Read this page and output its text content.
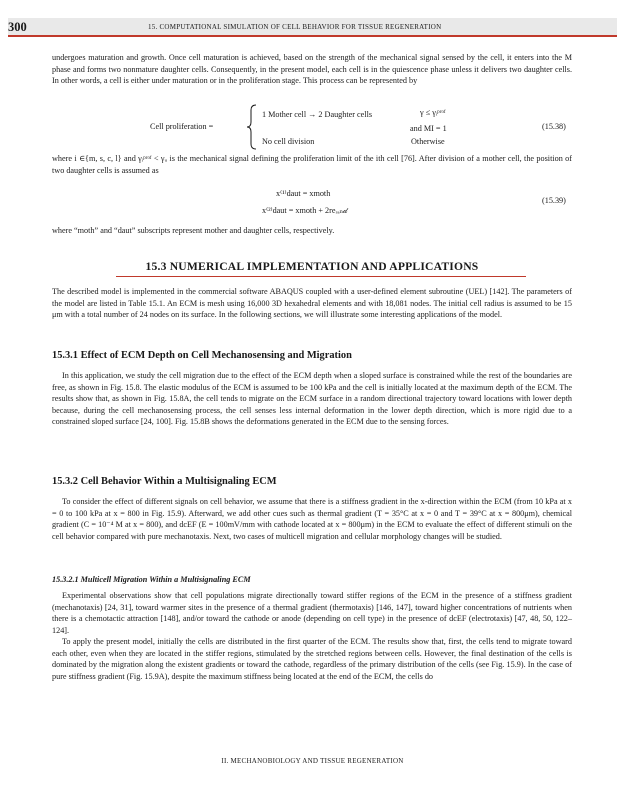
300	15. COMPUTATIONAL SIMULATION OF CELL BEHAVIOR FOR TISSUE REGENERATION

undergoes maturation and growth. Once cell maturation is achieved, based on the strength of the mechanical signal sensed by the cell, it enters into the M phase and forms two nonmature daughter cells. Consequently, in the present model, each cell is in the quiescence phase unless it delivers two daughter cells. In other words, a cell is either under maturation or in the proliferation stage. This process can be represented by

Cell proliferation =
1 Mother cell → 2 Daughter cells	γ ≤ γᵢᵖʳᵒᶠ
and MI = 1
No cell division	Otherwise
(15.38)

where i ∈{m, s, c, l} and γᵢᵖʳᵒᶠ < γᵤ is the mechanical signal defining the proliferation limit of the ith cell [76]. After division of a mother cell, the position of two daughter cells is assumed as

x⁽¹⁾daut = xmoth
x⁽²⁾daut = xmoth + 2reᵣₐₙ𝒹
(15.39)

where “moth” and “daut” subscripts represent mother and daughter cells, respectively.

15.3 NUMERICAL IMPLEMENTATION AND APPLICATIONS

The described model is implemented in the commercial software ABAQUS coupled with a user-defined element subroutine (UEL) [142]. The parameters of the model are listed in Table 15.1. An ECM is mesh using 16,000 3D hexahedral elements and with 18,081 nodes. The initial cell radius is assumed to be 15 μm with a total number of 24 nodes on its surface. In the following sections, we will illustrate some interesting applications of the model.

15.3.1 Effect of ECM Depth on Cell Mechanosensing and Migration

In this application, we study the cell migration due to the effect of the ECM depth when a sloped surface is constrained while the rest of the boundaries are free, as shown in Fig. 15.8. The elastic modulus of the ECM is assumed to be 100 kPa and the cell is initially located at the maximum depth of the ECM. The results show that, as shown in Fig. 15.8A, the cell tends to migrate on the ECM surface in a random directional trajectory toward locations with lower depth because, during the cell mechanosensing process, the cell senses less internal deformation in the lower depth direction, which is more rigid due to a constrained sloped surface [24, 100]. Fig. 15.8B shows the deformations generated in the ECM due to the sensing forces.

15.3.2 Cell Behavior Within a Multisignaling ECM

To consider the effect of different signals on cell behavior, we assume that there is a stiffness gradient in the x-direction within the ECM (from 10 kPa at x = 0 to 100 kPa at x = 800 in Fig. 15.9). Afterward, we add other cues such as thermal gradient (T = 35°C at x = 0 and T = 39°C at x = 800μm), chemical gradient (C = 10⁻⁴ M at x = 800), and dcEF (E = 100mV/mm with cathode located at x = 800μm) in the ECM to evaluate the effect of different stimuli on the cell behavior compared with pure mechanotaxis. Next, two cases of multicell migration and cellular morphology changes will be studied.

15.3.2.1 Multicell Migration Within a Multisignaling ECM

Experimental observations show that cell populations migrate directionally toward stiffer regions of the ECM in the presence of a stiffness gradient (mechanotaxis) [24, 31], toward warmer sites in the presence of a thermal gradient (thermotaxis) [146, 147], toward higher concentrations of nutrients when there is a chemotactic attraction [148], and/or toward the cathode or anode (depending on cell type) in the presence of dcEF (electrotaxis) [47, 48, 50, 122–124].

To apply the present model, initially the cells are distributed in the first quarter of the ECM. The results show that, first, the cells tend to migrate toward each other, even when they are located in the stiffer regions, stimulated by the stretched regions between cells. However, the final destination of the cells is dominated by the migration along the existent gradients or toward the cathode, regardless of the primary distribution of the cells (see Fig. 15.9). In the case of pure stiffness gradient (Fig. 15.9A), despite the maximum stiffness being located at the end of the ECM, the cells do

II. MECHANOBIOLOGY AND TISSUE REGENERATION
